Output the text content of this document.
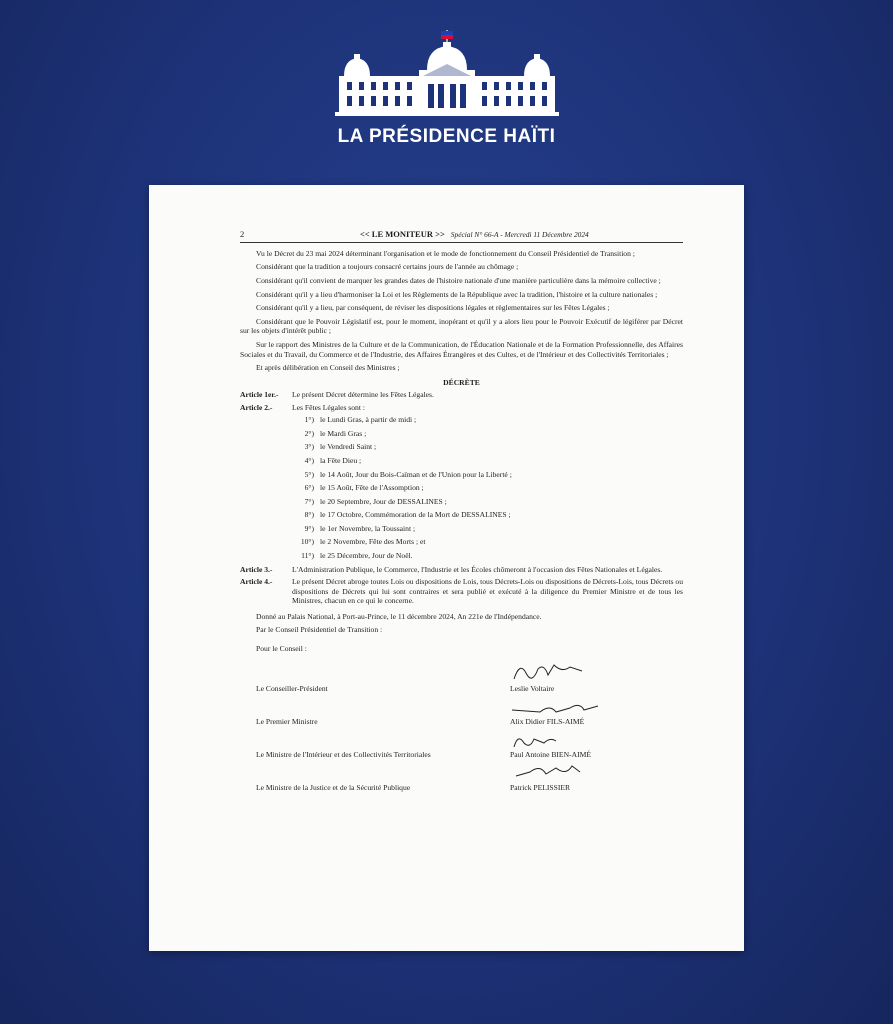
LA PRÉSIDENCE HAÏTI
2	<< LE MONITEUR >> Spécial N° 66-A - Mercredi 11 Décembre 2024

Vu le Décret du 23 mai 2024 déterminant l'organisation et le mode de fonctionnement du Conseil Présidentiel de Transition ;

Considérant que la tradition a toujours consacré certains jours de l'année au chômage ;

Considérant qu'il convient de marquer les grandes dates de l'histoire nationale d'une manière particulière dans la mémoire collective ;

Considérant qu'il y a lieu d'harmoniser la Loi et les Règlements de la République avec la tradition, l'histoire et la culture nationales ;

Considérant qu'il y a lieu, par conséquent, de réviser les dispositions légales et règlementaires sur les Fêtes Légales ;

Considérant que le Pouvoir Législatif est, pour le moment, inopérant et qu'il y a alors lieu pour le Pouvoir Exécutif de légiférer par Décret sur les objets d'intérêt public ;

Sur le rapport des Ministres de la Culture et de la Communication, de l'Éducation Nationale et de la Formation Professionnelle, des Affaires Sociales et du Travail, du Commerce et de l'Industrie, des Affaires Étrangères et des Cultes, et de l'Intérieur et des Collectivités Territoriales ;

Et après délibération en Conseil des Ministres ;

DÉCRÈTE
Article 1er.-	Le présent Décret détermine les Fêtes Légales.
Article 2.-	Les Fêtes Légales sont :
1°) le Lundi Gras, à partir de midi ;
2°) le Mardi Gras ;
3°) le Vendredi Saint ;
4°) la Fête Dieu ;
5°) le 14 Août, Jour du Bois-Caïman et de l'Union pour la Liberté ;
6°) le 15 Août, Fête de l'Assomption ;
7°) le 20 Septembre, Jour de DESSALINES ;
8°) le 17 Octobre, Commémoration de la Mort de DESSALINES ;
9°) le 1er Novembre, la Toussaint ;
10°) le 2 Novembre, Fête des Morts ; et
11°) le 25 Décembre, Jour de Noël.
Article 3.-	L'Administration Publique, le Commerce, l'Industrie et les Écoles chômeront à l'occasion des Fêtes Nationales et Légales.
Article 4.-	Le présent Décret abroge toutes Lois ou dispositions de Lois, tous Décrets-Lois ou dispositions de Décrets-Lois, tous Décrets ou dispositions de Décrets qui lui sont contraires et sera publié et exécuté à la diligence du Premier Ministre et de tous les Ministres, chacun en ce qui le concerne.

Donné au Palais National, à Port-au-Prince, le 11 décembre 2024, An 221e de l'Indépendance.

Par le Conseil Présidentiel de Transition :

Pour le Conseil :

Le Conseiller-Président	Leslie Voltaire
Le Premier Ministre	Alix Didier FILS-AIMÉ
Le Ministre de l'Intérieur et des Collectivités Territoriales	Paul Antoine BIEN-AIMÉ
Le Ministre de la Justice et de la Sécurité Publique	Patrick PELISSIER
